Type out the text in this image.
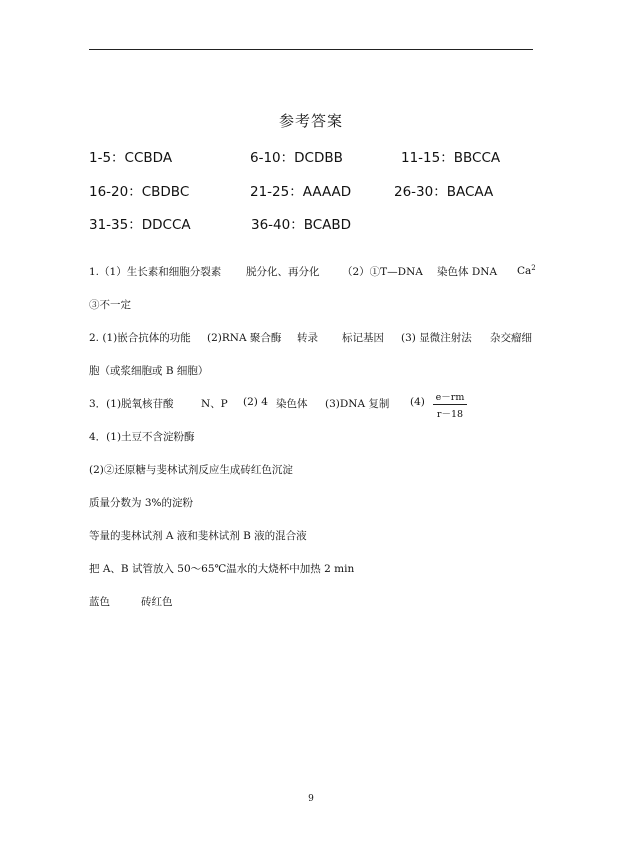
参考答案
1-5：CCBDA	6-10：DCDBB	11-15：BBCCA
16-20：CBDBC	21-25：AAAAD	26-30：BACAA
31-35：DDCCA	36-40：BCABD
1.（1）生长素和细胞分裂素 脱分化、再分化 （2）①T—DNA 染色体 DNA Ca$^2$
③不一定
2. (1)嵌合抗体的功能 (2)RNA 聚合酶 转录 标记基因 (3) 显微注射法 杂交瘤细
胞（或浆细胞或 B 细胞）
3．(1)脱氧核苷酸	N、P (2) 4 染色体 (3)DNA 复制 $(4) \frac{e-rm}{r-18}$
4．(1)土豆不含淀粉酶
(2)②还原糖与斐林试剂反应生成砖红色沉淀
质量分数为 3%的淀粉
等量的斐林试剂 A 液和斐林试剂 B 液的混合液
把 A、B 试管放入 50～65℃温水的大烧杯中加热 2 min
蓝色	砖红色
9
